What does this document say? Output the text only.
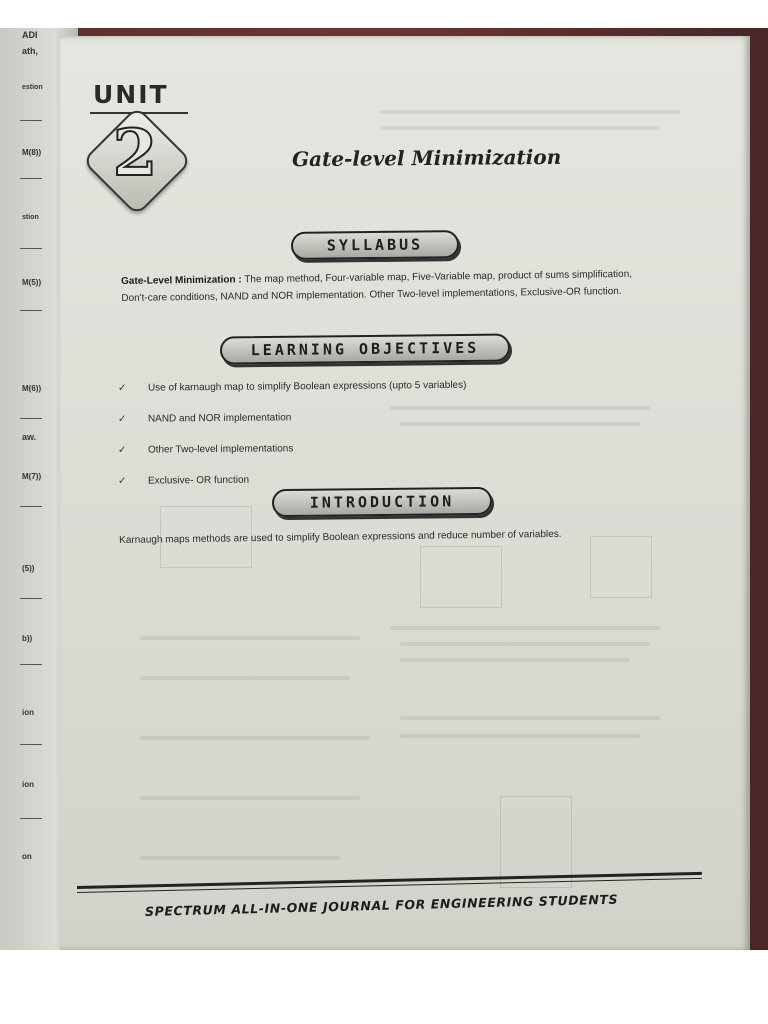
ADI
ath,
estion
M(8))
stion
M(5))
M(6))
aw.
M(7))
(5))
b))
ion
ion
on
UNIT
2	Gate-level Minimization
SYLLABUS
Gate-Level Minimization : The map method, Four-variable map, Five-Variable map, product of sums simplification, Don't-care conditions, NAND and NOR implementation. Other Two-level implementations, Exclusive-OR function.
LEARNING OBJECTIVES
✓ Use of karnaugh map to simplify Boolean expressions (upto 5 variables)
✓ NAND and NOR implementation
✓ Other Two-level implementations
✓ Exclusive- OR function
INTRODUCTION
Karnaugh maps methods are used to simplify Boolean expressions and reduce number of variables.
SPECTRUM ALL-IN-ONE JOURNAL FOR ENGINEERING STUDENTS
